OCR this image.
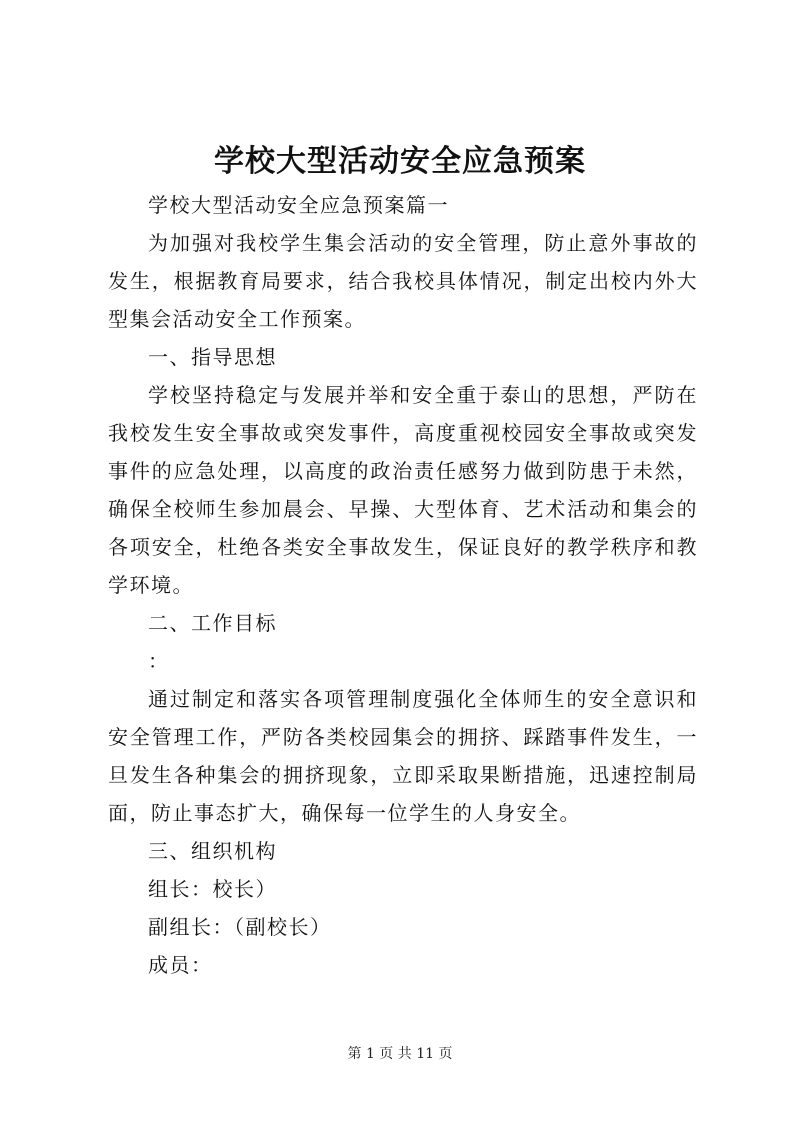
学校大型活动安全应急预案

学校大型活动安全应急预案篇一

为加强对我校学生集会活动的安全管理，防止意外事故的发生，根据教育局要求，结合我校具体情况，制定出校内外大型集会活动安全工作预案。

一、指导思想

学校坚持稳定与发展并举和安全重于泰山的思想，严防在我校发生安全事故或突发事件，高度重视校园安全事故或突发事件的应急处理，以高度的政治责任感努力做到防患于未然，确保全校师生参加晨会、早操、大型体育、艺术活动和集会的各项安全，杜绝各类安全事故发生，保证良好的教学秩序和教学环境。

二、工作目标

：

通过制定和落实各项管理制度强化全体师生的安全意识和安全管理工作，严防各类校园集会的拥挤、踩踏事件发生，一旦发生各种集会的拥挤现象，立即采取果断措施，迅速控制局面，防止事态扩大，确保每一位学生的人身安全。

三、组织机构

组长：校长）

副组长：（副校长）

成员：

第 1 页 共 11 页
